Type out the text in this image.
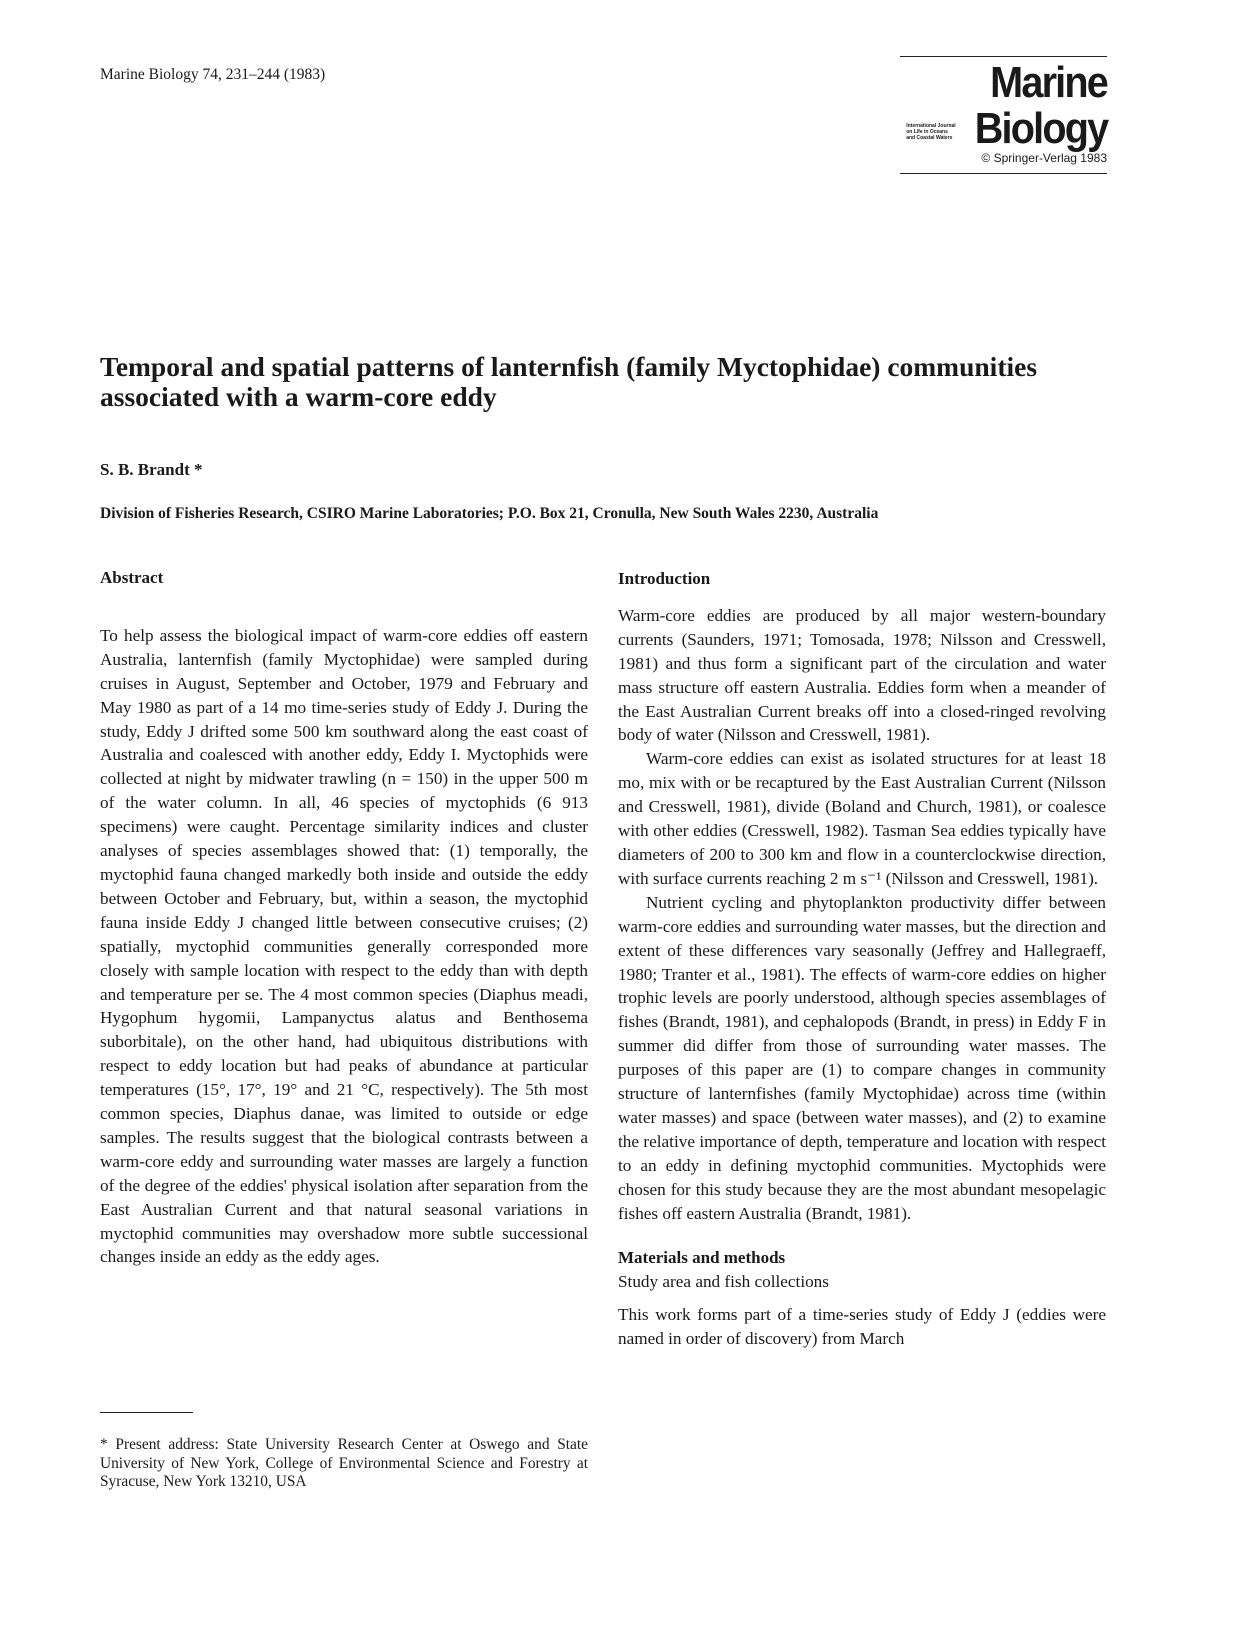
Marine Biology 74, 231–244 (1983)	Marine
International Journal
on Life in Oceans
and Coastal Waters Biology
© Springer-Verlag 1983
Temporal and spatial patterns of lanternfish (family Myctophidae) communities associated with a warm-core eddy
S. B. Brandt *
Division of Fisheries Research, CSIRO Marine Laboratories; P.O. Box 21, Cronulla, New South Wales 2230, Australia
Abstract

To help assess the biological impact of warm-core eddies off eastern Australia, lanternfish (family Myctophidae) were sampled during cruises in August, September and October, 1979 and February and May 1980 as part of a 14 mo time-series study of Eddy J. During the study, Eddy J drifted some 500 km southward along the east coast of Australia and coalesced with another eddy, Eddy I. Myctophids were collected at night by midwater trawling (n = 150) in the upper 500 m of the water column. In all, 46 species of myctophids (6 913 specimens) were caught. Percentage similarity indices and cluster analyses of species assemblages showed that: (1) temporally, the myctophid fauna changed markedly both inside and outside the eddy between October and February, but, within a season, the myctophid fauna inside Eddy J changed little between consecutive cruises; (2) spatially, myctophid communities generally corresponded more closely with sample location with respect to the eddy than with depth and temperature per se. The 4 most common species (Diaphus meadi, Hygophum hygomii, Lampanyctus alatus and Benthosema suborbitale), on the other hand, had ubiquitous distributions with respect to eddy location but had peaks of abundance at particular temperatures (15°, 17°, 19° and 21 °C, respectively). The 5th most common species, Diaphus danae, was limited to outside or edge samples. The results suggest that the biological contrasts between a warm-core eddy and surrounding water masses are largely a function of the degree of the eddies' physical isolation after separation from the East Australian Current and that natural seasonal variations in myctophid communities may overshadow more subtle successional changes inside an eddy as the eddy ages.

* Present address: State University Research Center at Oswego and State University of New York, College of Environmental Science and Forestry at Syracuse, New York 13210, USA
Introduction

Warm-core eddies are produced by all major western-boundary currents (Saunders, 1971; Tomosada, 1978; Nilsson and Cresswell, 1981) and thus form a significant part of the circulation and water mass structure off eastern Australia. Eddies form when a meander of the East Australian Current breaks off into a closed-ringed revolving body of water (Nilsson and Cresswell, 1981).

Warm-core eddies can exist as isolated structures for at least 18 mo, mix with or be recaptured by the East Australian Current (Nilsson and Cresswell, 1981), divide (Boland and Church, 1981), or coalesce with other eddies (Cresswell, 1982). Tasman Sea eddies typically have diameters of 200 to 300 km and flow in a counterclockwise direction, with surface currents reaching 2 m s⁻¹ (Nilsson and Cresswell, 1981).

Nutrient cycling and phytoplankton productivity differ between warm-core eddies and surrounding water masses, but the direction and extent of these differences vary seasonally (Jeffrey and Hallegraeff, 1980; Tranter et al., 1981). The effects of warm-core eddies on higher trophic levels are poorly understood, although species assemblages of fishes (Brandt, 1981), and cephalopods (Brandt, in press) in Eddy F in summer did differ from those of surrounding water masses. The purposes of this paper are (1) to compare changes in community structure of lanternfishes (family Myctophidae) across time (within water masses) and space (between water masses), and (2) to examine the relative importance of depth, temperature and location with respect to an eddy in defining myctophid communities. Myctophids were chosen for this study because they are the most abundant mesopelagic fishes off eastern Australia (Brandt, 1981).

Materials and methods

Study area and fish collections

This work forms part of a time-series study of Eddy J (eddies were named in order of discovery) from March
